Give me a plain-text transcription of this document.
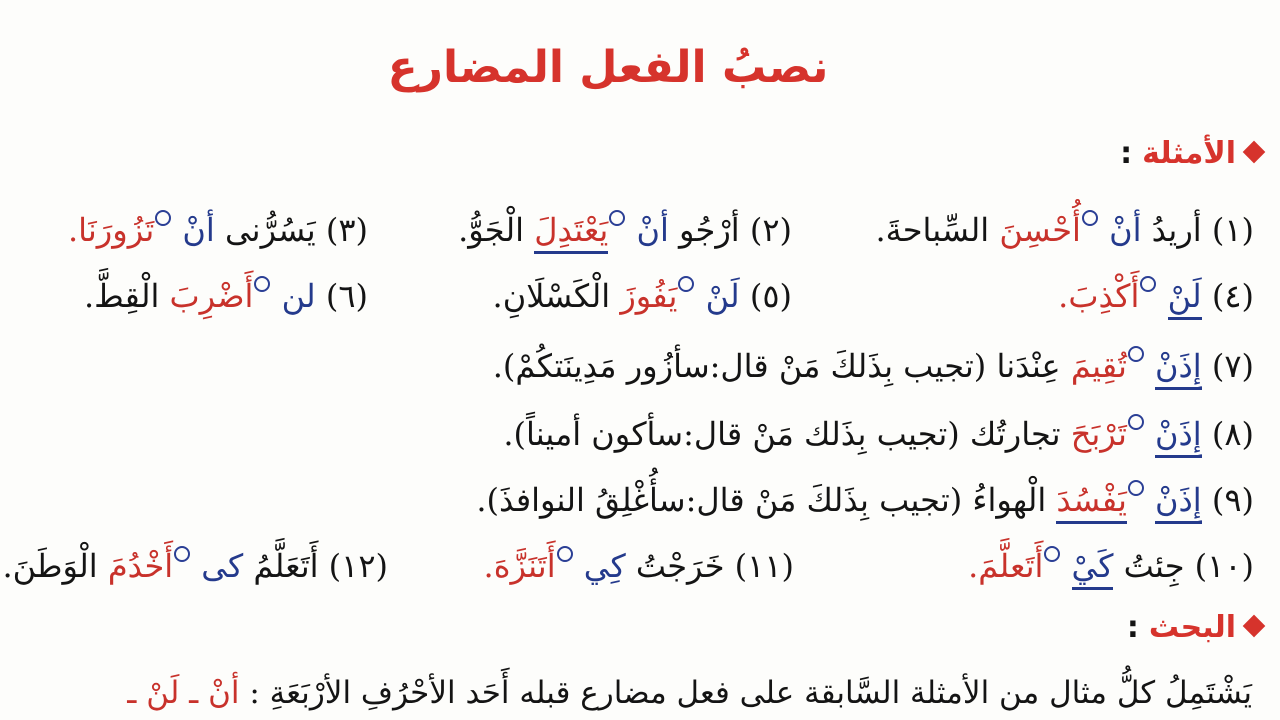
نصبُ الفعل المضارع
الأمثلة:
(١) أريدُ أنْ أُحْسِنَ السِّباحةَ.
(٢) أرْجُو أنْ يَعْتَدِلَ الْجَوُّ.
(٣) يَسُرُّنى أنْ تَزُورَنَا.
(٤) لَنْ أَكْذِبَ.
(٥) لَنْ يَفُوزَ الْكَسْلَانِ.
(٦) لن أَضْرِبَ الْقِطَّ.
(٧) إِذَنْ تُقِيمَ عِنْدَنا (تجيب بِذَلكَ مَنْ قال:سأزُور مَدِينَتكُمْ).
(٨) إِذَنْ تَرْبَحَ تجارتُك (تجيب بِذَلك مَنْ قال:سأكون أميناً).
(٩) إِذَنْ يَفْسُدَ الْهواءُ (تجيب بِذَلكَ مَنْ قال:سأُغْلِقُ النوافذَ).
(١٠) جِئتُ كَيْ أَتَعلَّمَ.
(١١) خَرَجْتُ كِي أَتَنَزَّهَ.
(١٢) أَتَعَلَّمُ كى أَخْدُمَ الْوَطَنَ.
البحث:
يَشْتَمِلُ كلُّ مثال من الأمثلة السَّابقة على فعل مضارع قبله أَحَد الأحْرُفِ الأرْبَعَةِ : أنْ ـ لَنْ ـ
